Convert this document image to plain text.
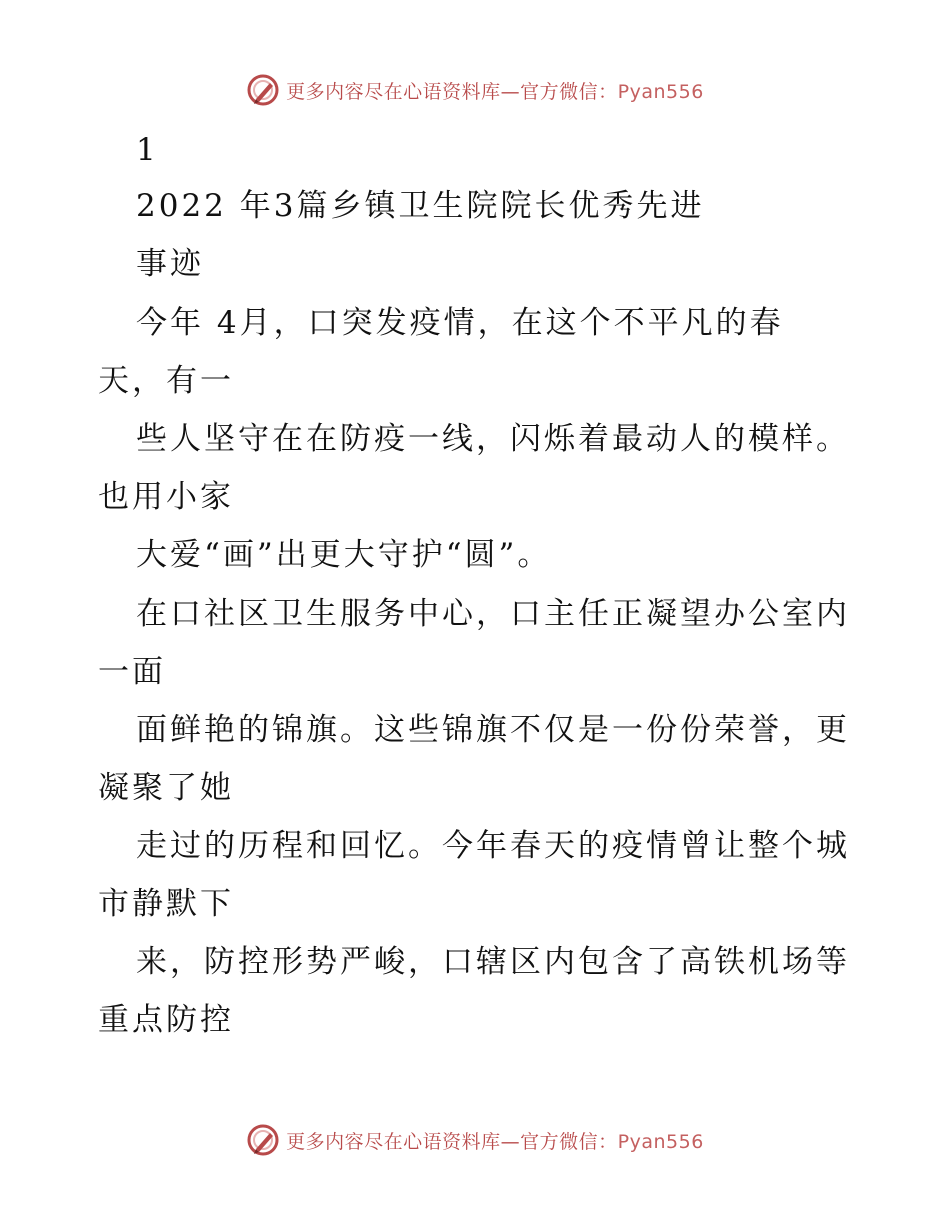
更多内容尽在心语资料库—官方微信：Pyan556
1
2022 年3篇乡镇卫生院院长优秀先进
事迹
今年 4月，口突发疫情，在这个不平凡的春
天，有一
些人坚守在在防疫一线，闪烁着最动人的模样。
也用小家
大爱“画”出更大守护“圆”。
在口社区卫生服务中心，口主任正凝望办公室内
一面
面鲜艳的锦旗。这些锦旗不仅是一份份荣誉，更
凝聚了她
走过的历程和回忆。今年春天的疫情曾让整个城
市静默下
来，防控形势严峻，口辖区内包含了高铁机场等
重点防控
更多内容尽在心语资料库—官方微信：Pyan556
